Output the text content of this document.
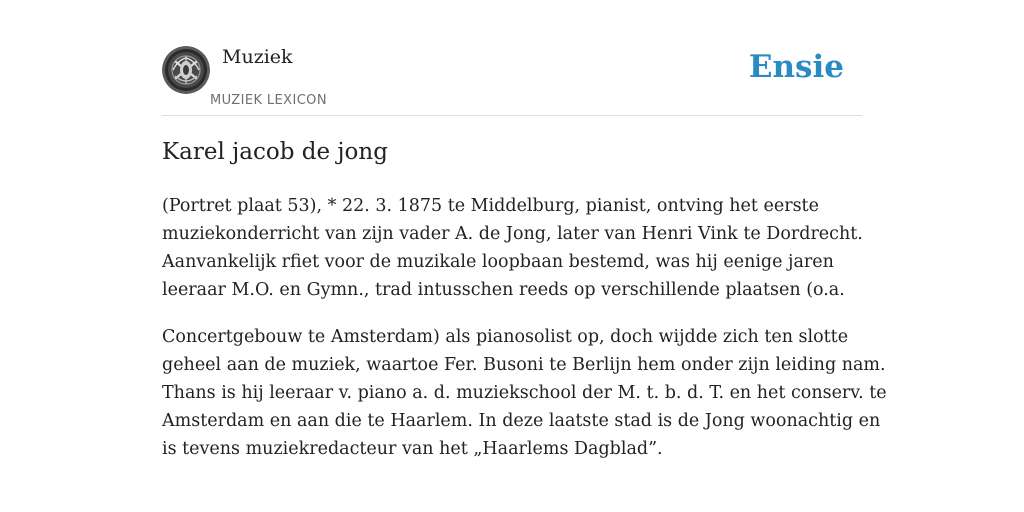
Muziek
MUZIEK LEXICON
Ensie
Karel jacob de jong

(Portret plaat 53), * 22. 3. 1875 te Middelburg, pianist, ontving het eerste
muziekonderricht van zijn vader A. de Jong, later van Henri Vink te Dordrecht.
Aanvankelijk rfiet voor de muzikale loopbaan bestemd, was hij eenige jaren
leeraar M.O. en Gymn., trad intusschen reeds op verschillende plaatsen (o.a.

Concertgebouw te Amsterdam) als pianosolist op, doch wijdde zich ten slotte
geheel aan de muziek, waartoe Fer. Busoni te Berlijn hem onder zijn leiding nam.
Thans is hij leeraar v. piano a. d. muziekschool der M. t. b. d. T. en het conserv. te
Amsterdam en aan die te Haarlem. In deze laatste stad is de Jong woonachtig en
is tevens muziekredacteur van het „Haarlems Dagblad”.
